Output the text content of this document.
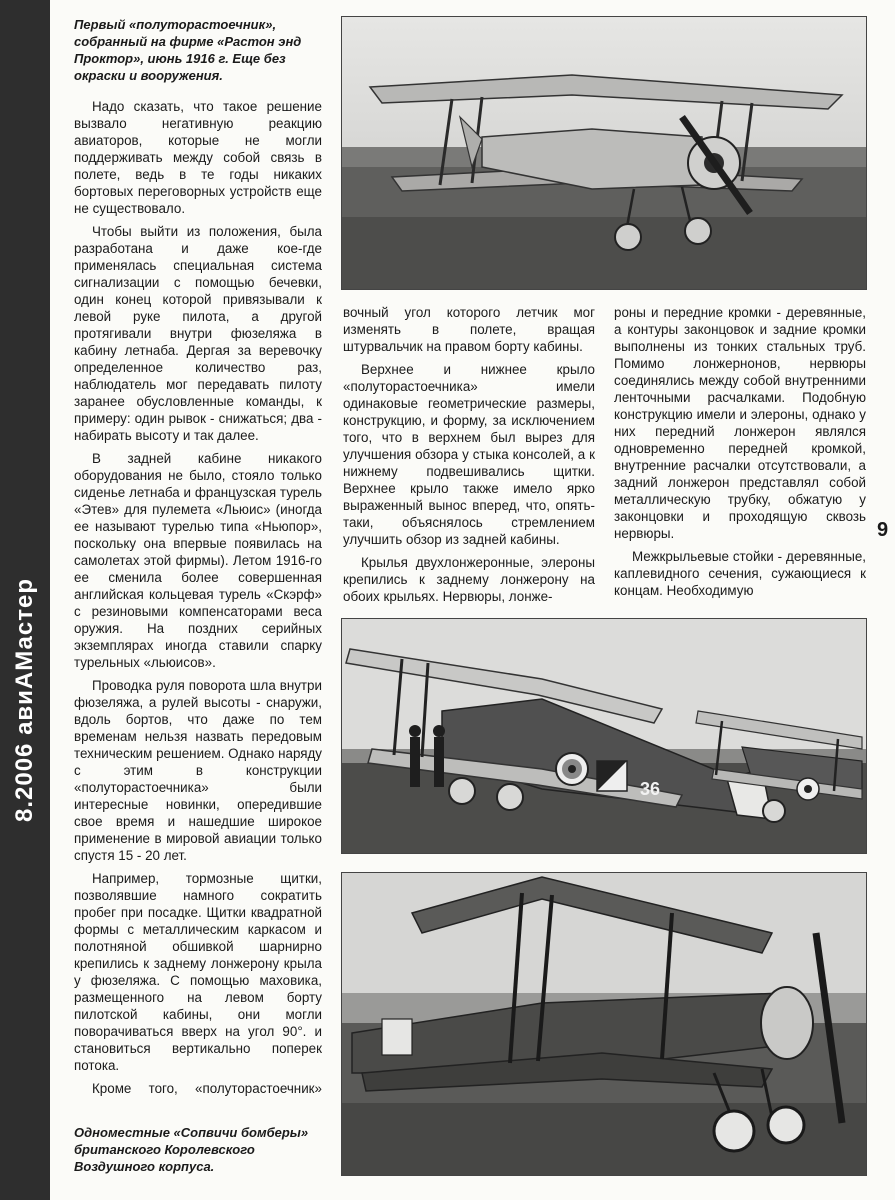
8.2006 авиАМастер
9

Первый «полуторастоечник», собранный на фирме «Растон энд Проктор», июнь 1916 г. Еще без окраски и вооружения.

Надо сказать, что такое решение вызвало негативную реакцию авиаторов, которые не могли поддерживать между собой связь в полете, ведь в те годы никаких бортовых переговорных устройств еще не существовало.

Чтобы выйти из положения, была разработана и даже кое-где применялась специальная система сигнализации с помощью бечевки, один конец которой привязывали к левой руке пилота, а другой протягивали внутри фюзеляжа в кабину летнаба. Дергая за веревочку определенное количество раз, наблюдатель мог передавать пилоту заранее обусловленные команды, к примеру: один рывок - снижаться; два - набирать высоту и так далее.

В задней кабине никакого оборудования не было, стояло только сиденье летнаба и французская турель «Этев» для пулемета «Льюис» (иногда ее называют турелью типа «Ньюпор», поскольку она впервые появилась на самолетах этой фирмы). Летом 1916-го ее сменила более совершенная английская кольцевая турель «Скэрф» с резиновыми компенсаторами веса оружия. На поздних серийных экземплярах иногда ставили спарку турельных «льюисов».

Проводка руля поворота шла внутри фюзеляжа, а рулей высоты - снаружи, вдоль бортов, что даже по тем временам нельзя назвать передовым техническим решением. Однако наряду с этим в конструкции «полуторастоечника» были интересные новинки, опередившие свое время и нашедшие широкое применение в мировой авиации только спустя 15 - 20 лет.

Например, тормозные щитки, позволявшие намного сократить пробег при посадке. Щитки квадратной формы с металлическим каркасом и полотняной обшивкой шарнирно крепились к заднему лонжерону крыла у фюзеляжа. С помощью маховика, размещенного на левом борту пилотской кабины, они могли поворачиваться вверх на угол 90°. и становиться вертикально поперек потока.

Кроме того, «полуторастоечник»

Одноместные «Сопвичи бомберы» британского Королевского Воздушного корпуса.

вочный угол которого летчик мог изменять в полете, вращая штурвальчик на правом борту кабины.

Верхнее и нижнее крыло «полуторастоечника» имели одинаковые геометрические размеры, конструкцию, и форму, за исключением того, что в верхнем был вырез для улучшения обзора у стыка консолей, а к нижнему подвешивались щитки. Верхнее крыло также имело ярко выраженный вынос вперед, что, опять-таки, объяснялось стремлением улучшить обзор из задней кабины.

Крылья двухлонжеронные, элероны крепились к заднему лонжерону на обоих крыльях. Нервюры, лонже-

роны и передние кромки - деревянные, а контуры законцовок и задние кромки выполнены из тонких стальных труб. Помимо лонжернонов, нервюры соединялись между собой внутренними ленточными расчалками. Подобную конструкцию имели и элероны, однако у них передний лонжерон являлся одновременно передней кромкой, внутренние расчалки отсутствовали, а задний лонжерон представлял собой металлическую трубку, обжатую у законцовки и проходящую сквозь нервюры.

Межкрыльевые стойки - деревянные, каплевидного сечения, сужающиеся к концам. Необходимую

36
